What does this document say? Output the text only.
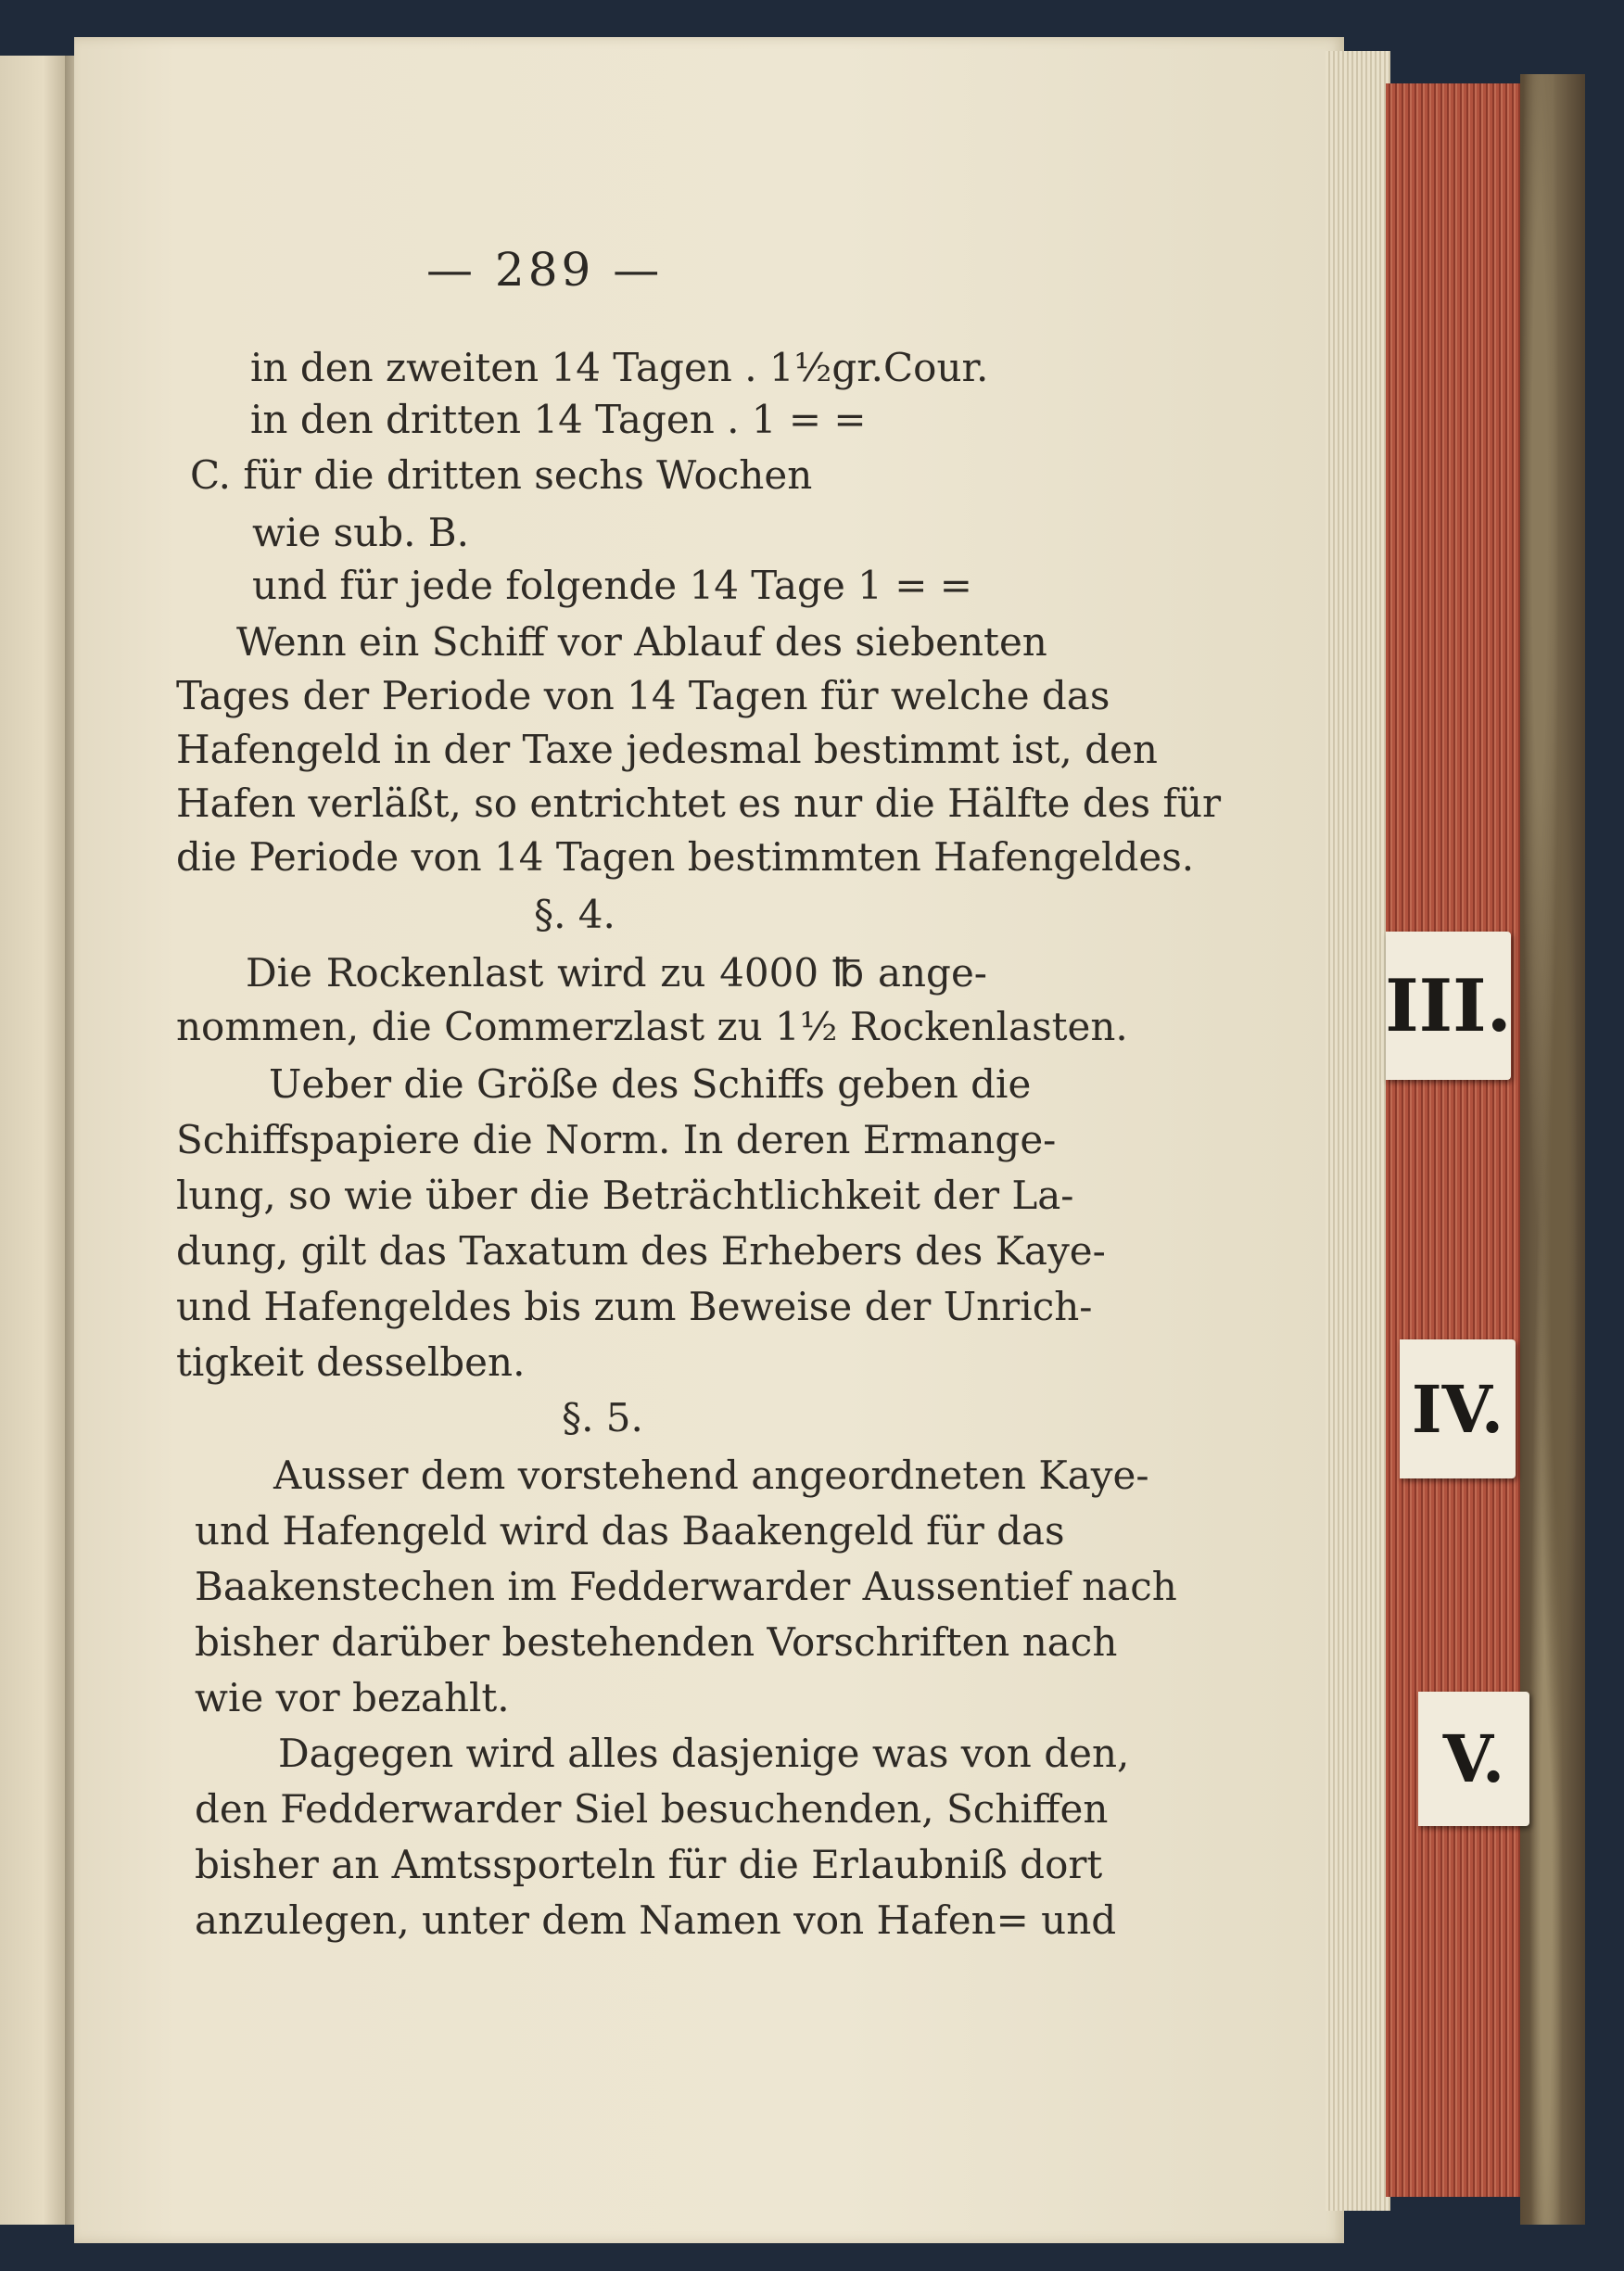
III.
IV.
V.
— 289 —
in den zweiten 14 Tagen . 1½gr.Cour.
in den dritten 14 Tagen . 1 = =
C. für die dritten sechs Wochen
wie sub. B.
und für jede folgende 14 Tage 1 = =
Wenn ein Schiff vor Ablauf des siebenten
Tages der Periode von 14 Tagen für welche das
Hafengeld in der Taxe jedesmal bestimmt ist, den
Hafen verläßt, so entrichtet es nur die Hälfte des für
die Periode von 14 Tagen bestimmten Hafengeldes.
§. 4.
Die Rockenlast wird zu 4000 ℔ ange-
nommen, die Commerzlast zu 1½ Rockenlasten.
Ueber die Größe des Schiffs geben die
Schiffspapiere die Norm. In deren Ermange-
lung, so wie über die Beträchtlichkeit der La-
dung, gilt das Taxatum des Erhebers des Kaye-
und Hafengeldes bis zum Beweise der Unrich-
tigkeit desselben.
§. 5.
Ausser dem vorstehend angeordneten Kaye-
und Hafengeld wird das Baakengeld für das
Baakenstechen im Fedderwarder Aussentief nach
bisher darüber bestehenden Vorschriften nach
wie vor bezahlt.
Dagegen wird alles dasjenige was von den,
den Fedderwarder Siel besuchenden, Schiffen
bisher an Amtssporteln für die Erlaubniß dort
anzulegen, unter dem Namen von Hafen= und
